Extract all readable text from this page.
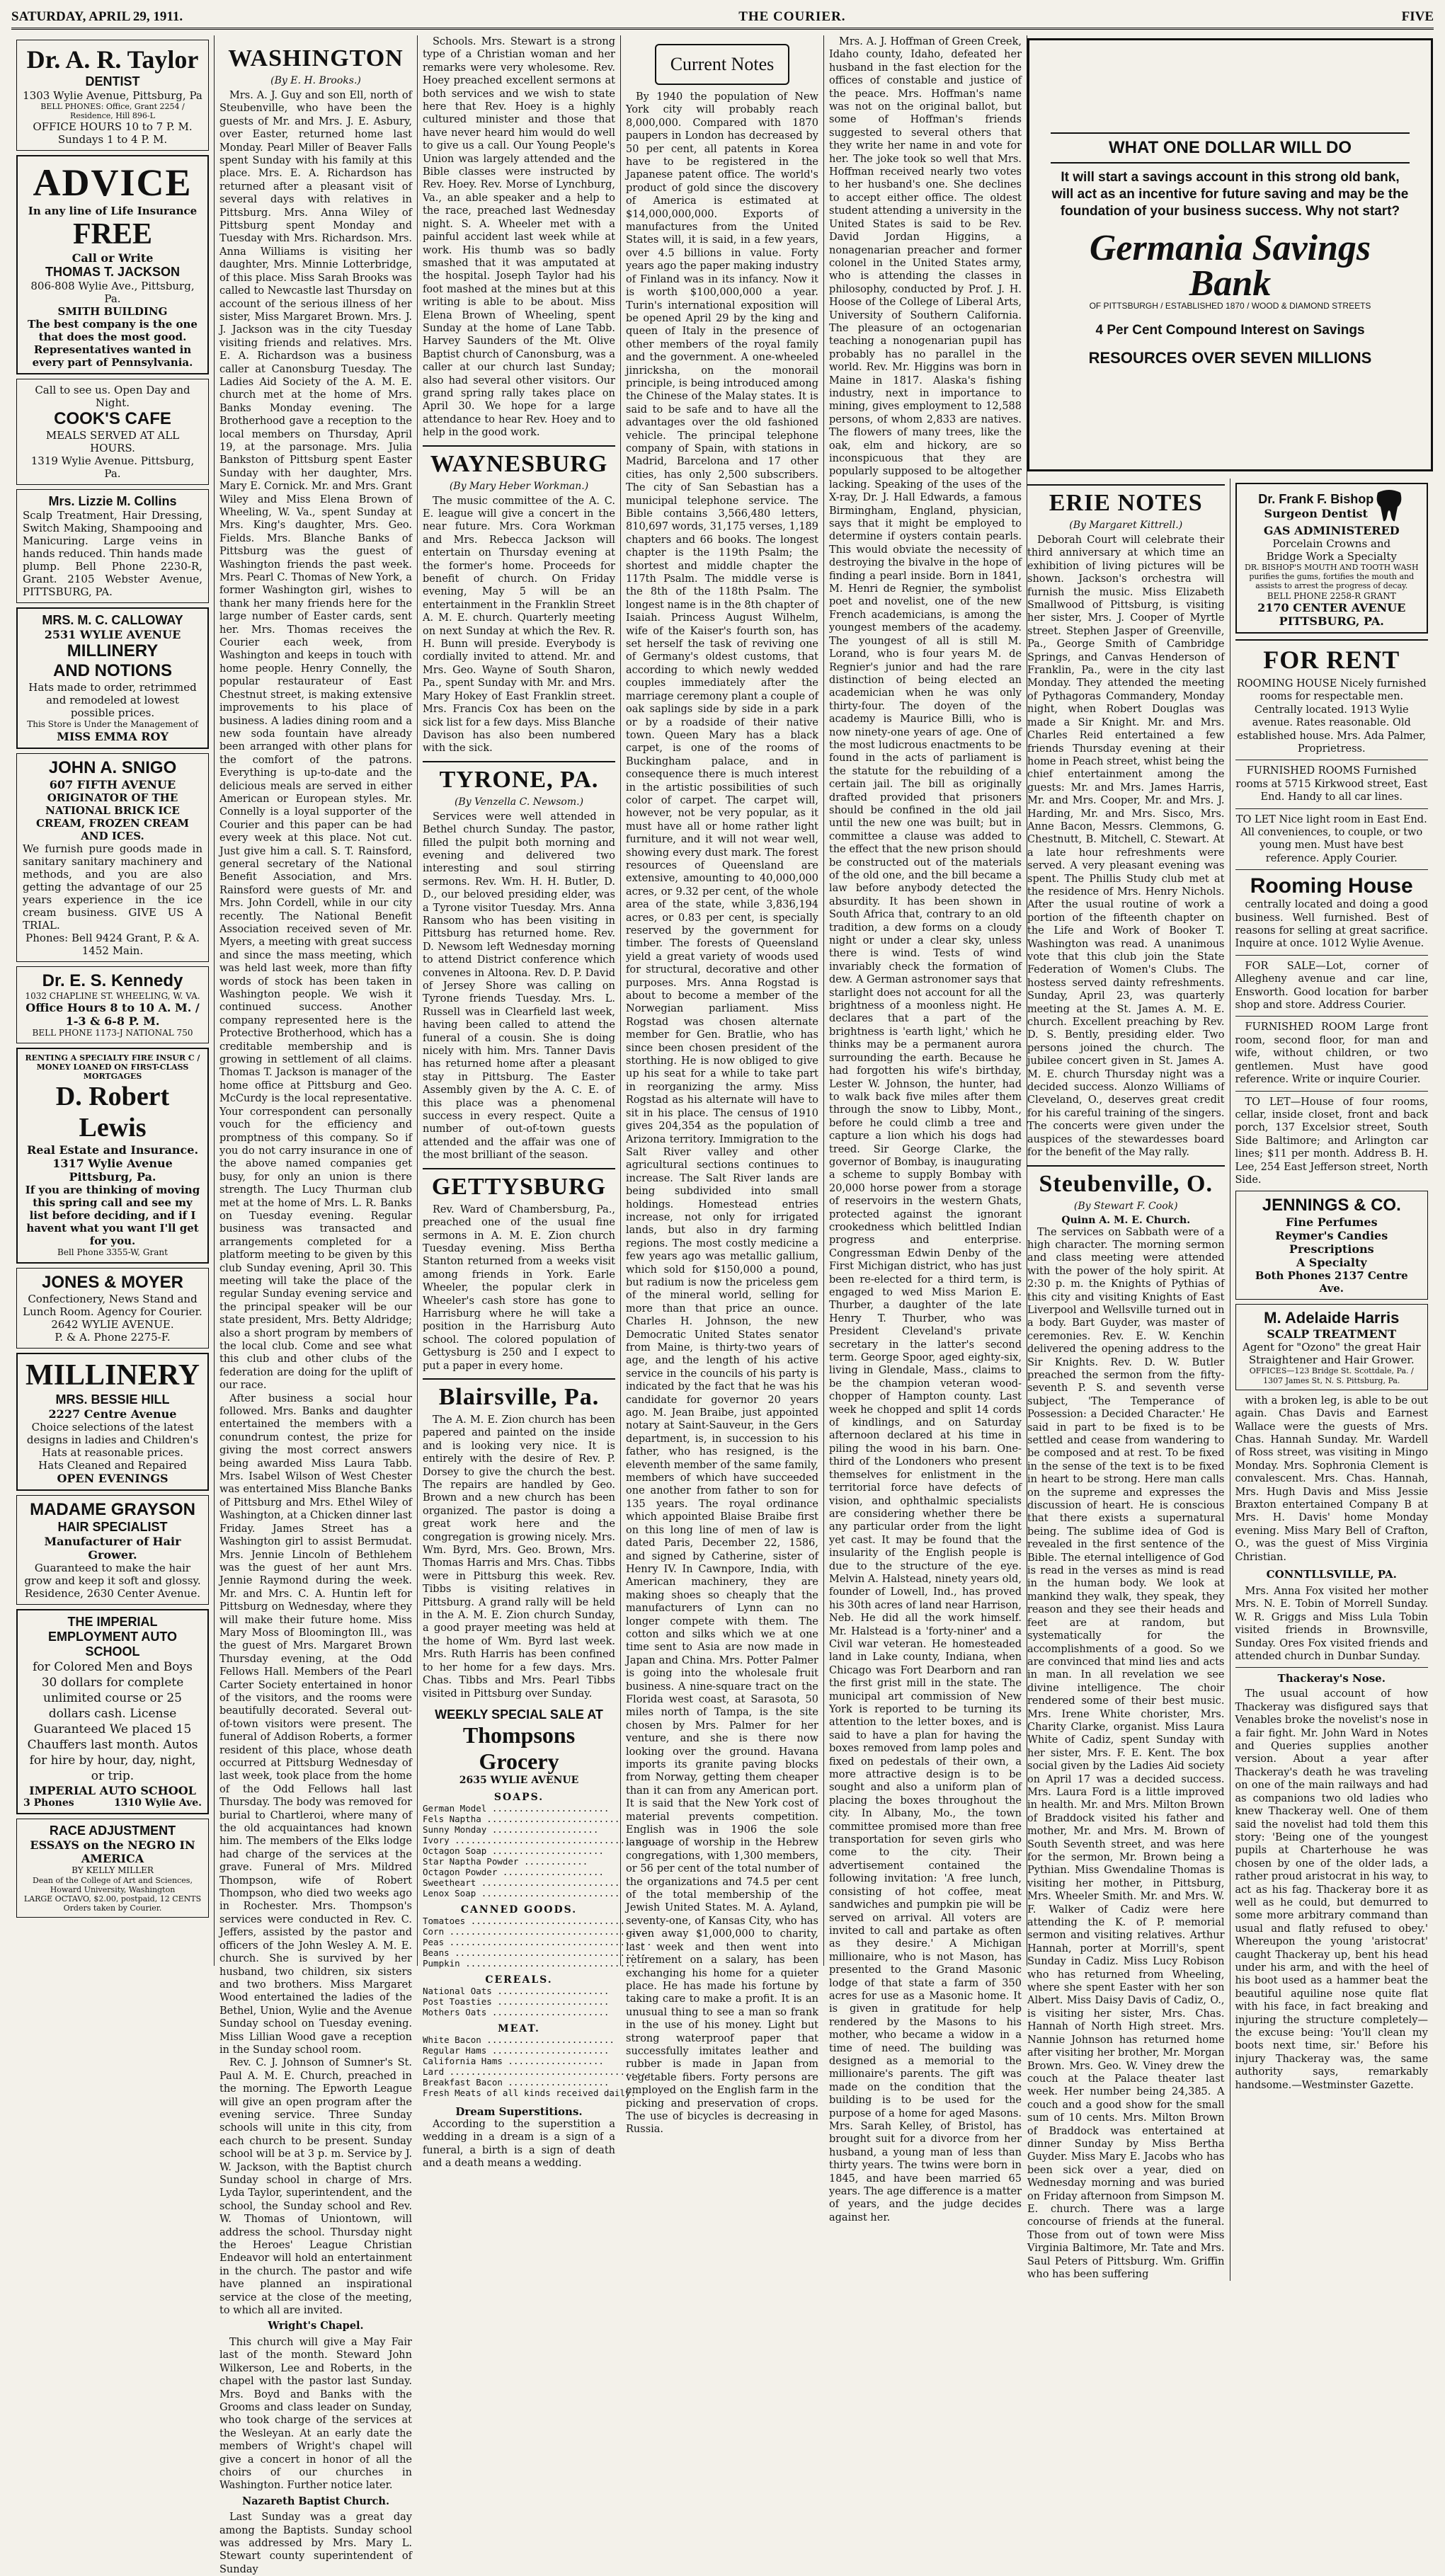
SATURDAY, APRIL 29, 1911.	THE COURIER.	FIVE
Dr. A. R. Taylor
DENTIST
1303 Wylie Avenue, Pittsburg, Pa
BELL PHONES: Office, Grant 2254 / Residence, Hill 896-L
OFFICE HOURS 10 to 7 P. M.
Sundays 1 to 4 P. M.
ADVICE
In any line of Life Insurance
FREE
Call or Write
THOMAS T. JACKSON
806-808 Wylie Ave., Pittsburg, Pa.
SMITH BUILDING
The best company is the one that does the most good. Representatives wanted in every part of Pennsylvania.
Call to see us. Open Day and Night.
COOK'S CAFE
MEALS SERVED AT ALL HOURS.
1319 Wylie Avenue. Pittsburg, Pa.
Mrs. Lizzie M. Collins
Scalp Treatment, Hair Dressing, Switch Making, Shampooing and Manicuring. Large veins in hands reduced. Thin hands made plump. Bell Phone 2230-R, Grant. 2105 Webster Avenue, PITTSBURG, PA.
MRS. M. C. CALLOWAY
2531 WYLIE AVENUE
MILLINERY
AND NOTIONS
Hats made to order, retrimmed and remodeled at lowest possible prices.
This Store is Under the Management of
MISS EMMA ROY
JOHN A. SNIGO
607 FIFTH AVENUE
ORIGINATOR OF THE NATIONAL BRICK ICE CREAM, FROZEN CREAM AND ICES.
We furnish pure goods made in sanitary sanitary machinery and methods, and you are also getting the advantage of our 25 years experience in the ice cream business. GIVE US A TRIAL.
Phones: Bell 9424 Grant, P. & A. 1452 Main.
Dr. E. S. Kennedy
1032 CHAPLINE ST. WHEELING, W. VA.
Office Hours 8 to 10 A. M. / 1-3 & 6-8 P. M.
BELL PHONE 1173-J NATIONAL 750
RENTING A SPECIALTY FIRE INSUR C / MONEY LOANED ON FIRST-CLASS MORTGAGES
D. Robert Lewis
Real Estate and Insurance.
1317 Wylie Avenue Pittsburg, Pa.
If you are thinking of moving this spring call and see my list before deciding, and if I havent what you want I'll get for you.
Bell Phone 3355-W, Grant
JONES & MOYER
Confectionery, News Stand and Lunch Room. Agency for Courier.
2642 WYLIE AVENUE.
P. & A. Phone 2275-F.
MILLINERY
MRS. BESSIE HILL
2227 Centre Avenue
Choice selections of the latest designs in ladies and Children's Hats at reasonable prices.
Hats Cleaned and Repaired
OPEN EVENINGS
MADAME GRAYSON
HAIR SPECIALIST
Manufacturer of Hair Grower.
Guaranteed to make the hair grow and keep it soft and glossy.
Residence, 2630 Center Avenue.
THE IMPERIAL EMPLOYMENT AUTO SCHOOL
for Colored Men and Boys 30 dollars for complete unlimited course or 25 dollars cash. License Guaranteed We placed 15 Chauffers last month. Autos for hire by hour, day, night, or trip.
IMPERIAL AUTO SCHOOL
3 Phones	1310 Wylie Ave.
RACE ADJUSTMENT
ESSAYS on the NEGRO IN AMERICA
BY KELLY MILLER
Dean of the College of Art and Sciences, Howard University, Washington
LARGE OCTAVO, $2.00, postpaid, 12 CENTS
Orders taken by Courier.
WASHINGTON
(By E. H. Brooks.)

Mrs. A. J. Guy and son Ell, north of Steubenville, who have been the guests of Mr. and Mrs. J. E. Asbury, over Easter, returned home last Monday. Pearl Miller of Beaver Falls spent Sunday with his family at this place. Mrs. E. A. Richardson has returned after a pleasant visit of several days with relatives in Pittsburg. Mrs. Anna Wiley of Pittsburg spent Monday and Tuesday with Mrs. Richardson. Mrs. Anna Williams is visiting her daughter, Mrs. Minnie Lotterbridge, of this place. Miss Sarah Brooks was called to Newcastle last Thursday on account of the serious illness of her sister, Miss Margaret Brown. Mrs. J. J. Jackson was in the city Tuesday visiting friends and relatives. Mrs. E. A. Richardson was a business caller at Canonsburg Tuesday. The Ladies Aid Society of the A. M. E. church met at the home of Mrs. Banks Monday evening. The Brotherhood gave a reception to the local members on Thursday, April 19, at the parsonage. Mrs. Julia Bankston of Pittsburg spent Easter Sunday with her daughter, Mrs. Mary E. Cornick. Mr. and Mrs. Grant Wiley and Miss Elena Brown of Wheeling, W. Va., spent Sunday at Mrs. King's daughter, Mrs. Geo. Fields. Mrs. Blanche Banks of Pittsburg was the guest of Washington friends the past week. Mrs. Pearl C. Thomas of New York, a former Washington girl, wishes to thank her many friends here for the large number of Easter cards, sent her. Mrs. Thomas receives the Courier each week, from Washington and keeps in touch with home people. Henry Connelly, the popular restaurateur of East Chestnut street, is making extensive improvements to his place of business. A ladies dining room and a new soda fountain have already been arranged with other plans for the comfort of the patrons. Everything is up-to-date and the delicious meals are served in either American or European styles. Mr. Connelly is a loyal supporter of the Courier and this paper can be had every week at this place. Not cut. Just give him a call. S. T. Rainsford, general secretary of the National Benefit Association, and Mrs. Rainsford were guests of Mr. and Mrs. John Cordell, while in our city recently. The National Benefit Association received seven of Mr. Myers, a meeting with great success and since the mass meeting, which was held last week, more than fifty words of stock has been taken in Washington people. We wish it continued success. Another company represented here is the Protective Brotherhood, which has a creditable membership and is growing in settlement of all claims. Thomas T. Jackson is manager of the home office at Pittsburg and Geo. McCurdy is the local representative. Your correspondent can personally vouch for the efficiency and promptness of this company. So if you do not carry insurance in one of the above named companies get busy, for only an union is there strength. The Lucy Thurman club met at the home of Mrs. L. R. Banks on Tuesday evening. Regular business was transacted and arrangements completed for a platform meeting to be given by this club Sunday evening, April 30. This meeting will take the place of the regular Sunday evening service and the principal speaker will be our state president, Mrs. Betty Aldridge; also a short program by members of the local club. Come and see what this club and other clubs of the federation are doing for the uplift of our race.

After business a social hour followed. Mrs. Banks and daughter entertained the members with a conundrum contest, the prize for giving the most correct answers being awarded Miss Laura Tabb. Mrs. Isabel Wilson of West Chester was entertained Miss Blanche Banks of Pittsburg and Mrs. Ethel Wiley of Washington, at a Chicken dinner last Friday. James Street has a Washington girl to assist Bermudat. Mrs. Jennie Lincoln of Bethlehem was the guest of her aunt Mrs. Jennie Raymond during the week. Mr. and Mrs. C. A. Huntin left for Pittsburg on Wednesday, where they will make their future home. Miss Mary Moss of Bloomington Ill., was the guest of Mrs. Margaret Brown Thursday evening, at the Odd Fellows Hall. Members of the Pearl Carter Society entertained in honor of the visitors, and the rooms were beautifully decorated. Several out-of-town visitors were present. The funeral of Addison Roberts, a former resident of this place, whose death occurred at Pittsburg Wednesday of last week, took place from the home of the Odd Fellows hall last Thursday. The body was removed for burial to Chartleroi, where many of the old acquaintances had known him. The members of the Elks lodge had charge of the services at the grave. Funeral of Mrs. Mildred Thompson, wife of Robert Thompson, who died two weeks ago in Rochester. Mrs. Thompson's services were conducted in Rev. C. Jeffers, assisted by the pastor and officers of the John Wesley A. M. E. church. She is survived by her husband, two children, six sisters and two brothers. Miss Margaret Wood entertained the ladies of the Bethel, Union, Wylie and the Avenue Sunday school on Tuesday evening. Miss Lillian Wood gave a reception in the Sunday school room.

Rev. C. J. Johnson of Sumner's St. Paul A. M. E. Church, preached in the morning. The Epworth League will give an open program after the evening service. Three Sunday schools will unite in this city, from each church to be present. Sunday school will be at 3 p. m. Service by J. W. Jackson, with the Baptist church Sunday school in charge of Mrs. Lyda Taylor, superintendent, and the school, the Sunday school and Rev. W. Thomas of Uniontown, will address the school. Thursday night the Heroes' League Christian Endeavor will hold an entertainment in the church. The pastor and wife have planned an inspirational service at the close of the meeting, to which all are invited.

Wright's Chapel.

This church will give a May Fair last of the month. Steward John Wilkerson, Lee and Roberts, in the chapel with the pastor last Sunday. Mrs. Boyd and Banks with the Grooms and class leader on Sunday, who took charge of the services at the Wesleyan. At an early date the members of Wright's chapel will give a concert in honor of all the choirs of our churches in Washington. Further notice later.

Nazareth Baptist Church.

Last Sunday was a great day among the Baptists. Sunday school was addressed by Mrs. Mary L. Stewart county superintendent of Sunday

Schools. Mrs. Stewart is a strong type of a Christian woman and her remarks were very wholesome. Rev. Hoey preached excellent sermons at both services and we wish to state here that Rev. Hoey is a highly cultured minister and those that have never heard him would do well to give us a call. Our Young People's Union was largely attended and the Bible classes were instructed by Rev. Hoey. Rev. Morse of Lynchburg, Va., an able speaker and a help to the race, preached last Wednesday night. S. A. Wheeler met with a painful accident last week while at work. His thumb was so badly smashed that it was amputated at the hospital. Joseph Taylor had his foot mashed at the mines but at this writing is able to be about. Miss Elena Brown of Wheeling, spent Sunday at the home of Lane Tabb. Harvey Saunders of the Mt. Olive Baptist church of Canonsburg, was a caller at our church last Sunday; also had several other visitors. Our grand spring rally takes place on April 30. We hope for a large attendance to hear Rev. Hoey and to help in the good work.

WAYNESBURG
(By Mary Heber Workman.)

The music committee of the A. C. E. league will give a concert in the near future. Mrs. Cora Workman and Mrs. Rebecca Jackson will entertain on Thursday evening at the former's home. Proceeds for benefit of church. On Friday evening, May 5 will be an entertainment in the Franklin Street A. M. E. church. Quarterly meeting on next Sunday at which the Rev. R. H. Bunn will preside. Everybody is cordially invited to attend. Mr. and Mrs. Geo. Wayne of South Sharon, Pa., spent Sunday with Mr. and Mrs. Mary Hokey of East Franklin street. Mrs. Francis Cox has been on the sick list for a few days. Miss Blanche Davison has also been numbered with the sick.

TYRONE, PA.
(By Venzella C. Newsom.)

Services were well attended in Bethel church Sunday. The pastor, filled the pulpit both morning and evening and delivered two interesting and soul stirring sermons. Rev. Wm. H. H. Butler, D. D., our beloved presiding elder, was a Tyrone visitor Tuesday. Mrs. Anna Ransom who has been visiting in Pittsburg has returned home. Rev. D. Newsom left Wednesday morning to attend District conference which convenes in Altoona. Rev. D. P. David of Jersey Shore was calling on Tyrone friends Tuesday. Mrs. L. Russell was in Clearfield last week, having been called to attend the funeral of a cousin. She is doing nicely with him. Mrs. Tanner Davis has returned home after a pleasant stay in Pittsburg. The Easter Assembly given by the A. C. E. of this place was a phenomenal success in every respect. Quite a number of out-of-town guests attended and the affair was one of the most brilliant of the season.

GETTYSBURG

Rev. Ward of Chambersburg, Pa., preached one of the usual fine sermons in A. M. E. Zion church Tuesday evening. Miss Bertha Stanton returned from a weeks visit among friends in York. Earle Wheeler, the popular clerk in Wheeler's cash store has gone to Harrisburg where he will take a position in the Harrisburg Auto school. The colored population of Gettysburg is 250 and I expect to put a paper in every home.

Blairsville, Pa.

The A. M. E. Zion church has been papered and painted on the inside and is looking very nice. It is entirely with the desire of Rev. P. Dorsey to give the church the best. The repairs are handled by Geo. Brown and a new church has been organized. The pastor is doing a great work here and the congregation is growing nicely. Mrs. Wm. Byrd, Mrs. Geo. Brown, Mrs. Thomas Harris and Mrs. Chas. Tibbs were in Pittsburg this week. Rev. Tibbs is visiting relatives in Pittsburg. A grand rally will be held in the A. M. E. Zion church Sunday, a good prayer meeting was held at the home of Wm. Byrd last week. Mrs. Ruth Harris has been confined to her home for a few days. Mrs. Chas. Tibbs and Mrs. Pearl Tibbs visited in Pittsburg over Sunday.

WEEKLY SPECIAL SALE AT
Thompsons Grocery
2635 WYLIE AVENUE
SOAPS.
German Model ......................
Fels Naptha .........................
Sunny Monday ....................
Ivory ......................................
Octagon Soap .....................
Star Naptha Powder ............
Octagon Powder ...................
Sweetheart ..........................
Lenox Soap ..........................
CANNED GOODS.
Tomatoes .............................
Corn ......................................
Peas ......................................
Beans ....................................
Pumpkin ................................
CEREALS.
National Oats .....................
Post Toasties .....................
Mothers Oats ......................
MEAT.
White Bacon ........................
Regular Hams ......................
California Hams ..................
Lard ......................................
Breakfast Bacon ...................
Fresh Meats of all kinds received daily.
Dream Superstitions.

According to the superstition a wedding in a dream is a sign of a funeral, a birth is a sign of death and a death means a wedding.

Current Notes

By 1940 the population of New York city will probably reach 8,000,000. Compared with 1870 paupers in London has decreased by 50 per cent, all patents in Korea have to be registered in the Japanese patent office. The world's product of gold since the discovery of America is estimated at $14,000,000,000. Exports of manufactures from the United States will, it is said, in a few years, over 4.5 billions in value. Forty years ago the paper making industry of Finland was in its infancy. Now it is worth $100,000,000 a year. Turin's international exposition will be opened April 29 by the king and queen of Italy in the presence of other members of the royal family and the government. A one-wheeled jinricksha, on the monorail principle, is being introduced among the Chinese of the Malay states. It is said to be safe and to have all the advantages over the old fashioned vehicle. The principal telephone company of Spain, with stations in Madrid, Barcelona and 17 other cities, has only 2,500 subscribers. The city of San Sebastian has a municipal telephone service. The Bible contains 3,566,480 letters, 810,697 words, 31,175 verses, 1,189 chapters and 66 books. The longest chapter is the 119th Psalm; the shortest and middle chapter the 117th Psalm. The middle verse is the 8th of the 118th Psalm. The longest name is in the 8th chapter of Isaiah. Princess August Wilhelm, wife of the Kaiser's fourth son, has set herself the task of reviving one of Germany's oldest customs, that according to which newly wedded couples immediately after the marriage ceremony plant a couple of oak saplings side by side in a park or by a roadside of their native town. Queen Mary has a black carpet, is one of the rooms of Buckingham palace, and in consequence there is much interest in the artistic possibilities of such color of carpet. The carpet will, however, not be very popular, as it must have all or home rather light furniture, and it will not wear well, showing every dust mark. The forest resources of Queensland are extensive, amounting to 40,000,000 acres, or 9.32 per cent, of the whole area of the state, while 3,836,194 acres, or 0.83 per cent, is specially reserved by the government for timber. The forests of Queensland yield a great variety of woods used for structural, decorative and other purposes. Mrs. Anna Rogstad is about to become a member of the Norwegian parliament. Miss Rogstad was chosen alternate member for Gen. Bratlie, who has since been chosen president of the storthing. He is now obliged to give up his seat for a while to take part in reorganizing the army. Miss Rogstad as his alternate will have to sit in his place. The census of 1910 gives 204,354 as the population of Arizona territory. Immigration to the Salt River valley and other agricultural sections continues to increase. The Salt River lands are being subdivided into small holdings. Homestead entries increase, not only for irrigated lands, but also in dry farming regions. The most costly medicine a few years ago was metallic gallium, which sold for $150,000 a pound, but radium is now the priceless gem of the mineral world, selling for more than that price an ounce. Charles H. Johnson, the new Democratic United States senator from Maine, is thirty-two years of age, and the length of his active service in the councils of his party is indicated by the fact that he was his candidate for governor 20 years ago. M. Jean Braibe, just appointed notary at Saint-Sauveur, in the Gers department, is, in succession to his father, who has resigned, is the eleventh member of the same family, members of which have succeeded one another from father to son for 135 years. The royal ordinance which appointed Blaise Braibe first on this long line of men of law is dated Paris, December 22, 1586, and signed by Catherine, sister of Henry IV. In Cawnpore, India, with American machinery, they are making shoes so cheaply that the manufacturers of Lynn can no longer compete with them. The cotton and silks which we at one time sent to Asia are now made in Japan and China. Mrs. Potter Palmer is going into the wholesale fruit business. A nine-square tract on the Florida west coast, at Sarasota, 50 miles north of Tampa, is the site chosen by Mrs. Palmer for her venture, and she is there now looking over the ground. Havana imports its granite paving blocks from Norway, getting them cheaper than it can from any American port. It is said that the New York cost of material prevents competition. English was in 1906 the sole language of worship in the Hebrew congregations, with 1,300 members, or 56 per cent of the total number of the organizations and 74.5 per cent of the total membership of the Jewish United States. M. A. Ayland, seventy-one, of Kansas City, who has given away $1,000,000 to charity, last week and then went into retirement on a salary, has been exchanging his home for a quieter place. He has made his fortune by taking care to make a profit. It is an unusual thing to see a man so frank in the use of his money. Light but strong waterproof paper that successfully imitates leather and rubber is made in Japan from vegetable fibers. Forty persons are employed on the English farm in the picking and preservation of crops. The use of bicycles is decreasing in Russia.

Mrs. A. J. Hoffman of Green Creek, Idaho county, Idaho, defeated her husband in the fast election for the offices of constable and justice of the peace. Mrs. Hoffman's name was not on the original ballot, but some of Hoffman's friends suggested to several others that they write her name in and vote for her. The joke took so well that Mrs. Hoffman received nearly two votes to her husband's one. She declines to accept either office. The oldest student attending a university in the United States is said to be Rev. David Jordan Higgins, a nonagenarian preacher and former colonel in the United States army, who is attending the classes in philosophy, conducted by Prof. J. H. Hoose of the College of Liberal Arts, University of Southern California. The pleasure of an octogenarian teaching a nonogenarian pupil has probably has no parallel in the world. Rev. Mr. Higgins was born in Maine in 1817. Alaska's fishing industry, next in importance to mining, gives employment to 12,588 persons, of whom 2,833 are natives. The flowers of many trees, like the oak, elm and hickory, are so inconspicuous that they are popularly supposed to be altogether lacking. Speaking of the uses of the X-ray, Dr. J. Hall Edwards, a famous Birmingham, England, physician, says that it might be employed to determine if oysters contain pearls. This would obviate the necessity of destroying the bivalve in the hope of finding a pearl inside. Born in 1841, M. Henri de Regnier, the symbolist poet and novelist, one of the new French academicians, is among the youngest members of the academy. The youngest of all is still M. Lorand, who is four years M. de Regnier's junior and had the rare distinction of being elected an academician when he was only thirty-four. The doyen of the academy is Maurice Billi, who is now ninety-one years of age. One of the most ludicrous enactments to be found in the acts of parliament is the statute for the rebuilding of a certain jail. The bill as originally drafted provided that prisoners should be confined in the old jail until the new one was built; but in committee a clause was added to the effect that the new prison should be constructed out of the materials of the old one, and the bill became a law before anybody detected the absurdity. It has been shown in South Africa that, contrary to an old tradition, a dew forms on a cloudy night or under a clear sky, unless there is wind. Tests of wind invariably check the formation of dew. A German astronomer says that starlight does not account for all the brightness of a moonless night. He declares that a part of the brightness is 'earth light,' which he thinks may be a permanent aurora surrounding the earth. Because he had forgotten his wife's birthday, Lester W. Johnson, the hunter, had to walk back five miles after them through the snow to Libby, Mont., before he could climb a tree and capture a lion which his dogs had treed. Sir George Clarke, the governor of Bombay, is inaugurating a scheme to supply Bombay with 20,000 horse power from a storage of reservoirs in the western Ghats, protected against the ignorant crookedness which belittled Indian progress and enterprise. Congressman Edwin Denby of the First Michigan district, who has just been re-elected for a third term, is engaged to wed Miss Marion E. Thurber, a daughter of the late Henry T. Thurber, who was President Cleveland's private secretary in the latter's second term. George Spoor, aged eighty-six, living in Glendale, Mass., claims to be the champion veteran wood-chopper of Hampton county. Last week he chopped and split 14 cords of kindlings, and on Saturday afternoon declared at his time in piling the wood in his barn. One-third of the Londoners who present themselves for enlistment in the territorial force have defects of vision, and ophthalmic specialists are considering whether there be any particular order from the light yet cast. It may be found that the insularity of the English people is due to the structure of the eye. Melvin A. Halstead, ninety years old, founder of Lowell, Ind., has proved his 30th acres of land near Harrison, Neb. He did all the work himself. Mr. Halstead is a 'forty-niner' and a Civil war veteran. He homesteaded land in Lake county, Indiana, when Chicago was Fort Dearborn and ran the first grist mill in the state. The municipal art commission of New York is reported to be turning its attention to the letter boxes, and is said to have a plan for having the boxes removed from lamp poles and fixed on pedestals of their own, a more attractive design is to be sought and also a uniform plan of placing the boxes throughout the city. In Albany, Mo., the town committee promised more than free transportation for seven girls who come to the city. Their advertisement contained the following invitation: 'A free lunch, consisting of hot coffee, meat sandwiches and pumpkin pie will be served on arrival. All voters are invited to call and partake as often as they desire.' A Michigan millionaire, who is not Mason, has presented to the Grand Masonic lodge of that state a farm of 350 acres for use as a Masonic home. It is given in gratitude for help rendered by the Masons to his mother, who became a widow in a time of need. The building was designed as a memorial to the millionaire's parents. The gift was made on the condition that the building is to be used for the purpose of a home for aged Masons. Mrs. Sarah Kelley, of Bristol, has brought suit for a divorce from her husband, a young man of less than thirty years. The twins were born in 1845, and have been married 65 years. The age difference is a matter of years, and the judge decides against her.

WHAT ONE DOLLAR WILL DO
It will start a savings account in this strong old bank, will act as an incentive for future saving and may be the foundation of your business success. Why not start?
Germania Savings Bank
OF PITTSBURGH / ESTABLISHED 1870 / WOOD & DIAMOND STREETS
4 Per Cent Compound Interest on Savings
RESOURCES OVER SEVEN MILLIONS
ERIE NOTES
(By Margaret Kittrell.)

Deborah Court will celebrate their third anniversary at which time an exhibition of living pictures will be shown. Jackson's orchestra will furnish the music. Miss Elizabeth Smallwood of Pittsburg, is visiting her sister, Mrs. J. Cooper of Myrtle street. Stephen Jasper of Greenville, Pa., George Smith of Cambridge Springs, and Canvas Henderson of Franklin, Pa., were in the city last Monday. They attended the meeting of Pythagoras Commandery, Monday night, when Robert Douglas was made a Sir Knight. Mr. and Mrs. Charles Reid entertained a few friends Thursday evening at their home in Peach street, whist being the chief entertainment among the guests: Mr. and Mrs. James Harris, Mr. and Mrs. Cooper, Mr. and Mrs. J. Harding, Mr. and Mrs. Sisco, Mrs. Anne Bacon, Messrs. Clemmons, G. Chestnutt, B. Mitchell, C. Stewart. At a late hour refreshments were served. A very pleasant evening was spent. The Phillis Study club met at the residence of Mrs. Henry Nichols. After the usual routine of work a portion of the fifteenth chapter on the Life and Work of Booker T. Washington was read. A unanimous vote that this club join the State Federation of Women's Clubs. The hostess served dainty refreshments. Sunday, April 23, was quarterly meeting at the St. James A. M. E. church. Excellent preaching by Rev. D. S. Bently, presiding elder. Two persons joined the church. The jubilee concert given in St. James A. M. E. church Thursday night was a decided success. Alonzo Williams of Cleveland, O., deserves great credit for his careful training of the singers. The concerts were given under the auspices of the stewardesses board for the benefit of the May rally.

Steubenville, O.
(By Stewart F. Cook)
Quinn A. M. E. Church.

The services on Sabbath were of a high character. The morning sermon and class meeting were attended with the power of the holy spirit. At 2:30 p. m. the Knights of Pythias of this city and visiting Knights of East Liverpool and Wellsville turned out in a body. Bart Guyder, was master of ceremonies. Rev. E. W. Kenchin delivered the opening address to the Sir Knights. Rev. D. W. Butler preached the sermon from the fifty-seventh P. S. and seventh verse subject, 'The Temperance of Possession: a Decided Character.' He said in part to be fixed is to be settled and cease from wandering to be composed and at rest. To be fixed in the sense of the text is to be fixed in heart to be strong. Here man calls on the supreme and expresses the discussion of heart. He is conscious that there exists a supernatural being. The sublime idea of God is revealed in the first sentence of the Bible. The eternal intelligence of God is read in the verses as mind is read in the human body. We look at mankind they walk, they speak, they reason and they see their heads and feet are at random, but systematically for the accomplishments of a good. So we are convinced that mind lies and acts in man. In all revelation we see divine intelligence. The choir rendered some of their best music. Mrs. Irene White chorister, Mrs. Charity Clarke, organist. Miss Laura White of Cadiz, spent Sunday with her sister, Mrs. F. E. Kent. The box social given by the Ladies Aid society on April 17 was a decided success. Mrs. Laura Ford is a little improved in health. Mr. and Mrs. Milton Brown of Braddock visited his father and mother, Mr. and Mrs. M. Brown of South Seventh street, and was here for the sermon, Mr. Brown being a Pythian. Miss Gwendaline Thomas is visiting her mother, in Pittsburg, Mrs. Wheeler Smith. Mr. and Mrs. W. F. Walker of Cadiz were here attending the K. of P. memorial sermon and visiting relatives. Arthur Hannah, porter at Morrill's, spent Sunday in Cadiz. Miss Lucy Robison who has returned from Wheeling, where she spent Easter with her son Albert. Miss Daisy Davis of Cadiz, O., is visiting her sister, Mrs. Chas. Hannah of North High street. Mrs. Nannie Johnson has returned home after visiting her brother, Mr. Morgan Brown. Mrs. Geo. W. Viney drew the couch at the Palace theater last week. Her number being 24,385. A couch and a good show for the small sum of 10 cents. Mrs. Milton Brown of Braddock was entertained at dinner Sunday by Miss Bertha Guyder. Miss Mary E. Jacobs who has been sick over a year, died on Wednesday morning and was buried on Friday afternoon from Simpson M. E. church. There was a large concourse of friends at the funeral. Those from out of town were Miss Virginia Baltimore, Mr. Tate and Mrs. Saul Peters of Pittsburg. Wm. Griffin who has been suffering

Dr. Frank F. Bishop
Surgeon Dentist
GAS ADMINISTERED
Porcelain Crowns and
Bridge Work a Specialty
DR. BISHOP'S MOUTH AND TOOTH WASH purifies the gums, fortifies the mouth and assists to arrest the progress of decay.
BELL PHONE 2258-R GRANT
2170 CENTER AVENUE
PITTSBURG, PA.
FOR RENT

ROOMING HOUSE Nicely furnished rooms for respectable men. Centrally located. 1913 Wylie avenue. Rates reasonable. Old established house. Mrs. Ada Palmer, Proprietress.

FURNISHED ROOMS Furnished rooms at 5715 Kirkwood street, East End. Handy to all car lines.

TO LET Nice light room in East End. All conveniences, to couple, or two young men. Must have best reference. Apply Courier.

Rooming House

centrally located and doing a good business. Well furnished. Best of reasons for selling at great sacrifice. Inquire at once. 1012 Wylie Avenue.

FOR SALE—Lot, corner of Allegheny avenue and car line, Ensworth. Good location for barber shop and store. Address Courier.

FURNISHED ROOM Large front room, second floor, for man and wife, without children, or two gentlemen. Must have good reference. Write or inquire Courier.

TO LET—House of four rooms, cellar, inside closet, front and back porch, 137 Excelsior street, South Side Baltimore; and Arlington car lines; $11 per month. Address B. H. Lee, 254 East Jefferson street, North Side.

JENNINGS & CO.
Fine Perfumes
Reymer's Candies
Prescriptions
A Specialty
Both Phones 2137 Centre Ave.
M. Adelaide Harris
SCALP TREATMENT
Agent for "Ozono" the great Hair Straightener and Hair Grower.
OFFICES—123 Bridge St. Scottdale, Pa. / 1307 James St, N. S. Pittsburg, Pa.

with a broken leg, is able to be out again. Chas Davis and Earnest Wallace were the guests of Mrs. Chas. Hannah Sunday. Mr. Wardell of Ross street, was visiting in Mingo Monday. Mrs. Sophronia Clement is convalescent. Mrs. Chas. Hannah, Mrs. Hugh Davis and Miss Jessie Braxton entertained Company B at Mrs. H. Davis' home Monday evening. Miss Mary Bell of Crafton, O., was the guest of Miss Virginia Christian.

CONNTLLSVILLE, PA.

Mrs. Anna Fox visited her mother Mrs. N. E. Tobin of Morrell Sunday. W. R. Griggs and Miss Lula Tobin visited friends in Brownsville, Sunday. Ores Fox visited friends and attended church in Dunbar Sunday.

Thackeray's Nose.

The usual account of how Thackeray was disfigured says that Venables broke the novelist's nose in a fair fight. Mr. John Ward in Notes and Queries supplies another version. About a year after Thackeray's death he was traveling on one of the main railways and had as companions two old ladies who knew Thackeray well. One of them said the novelist had told them this story: 'Being one of the youngest pupils at Charterhouse he was chosen by one of the older lads, a rather proud aristocrat in his way, to act as his fag. Thackeray bore it as well as he could, but demurred to some more arbitrary command than usual and flatly refused to obey.' Whereupon the young 'aristocrat' caught Thackeray up, bent his head under his arm, and with the heel of his boot used as a hammer beat the beautiful aquiline nose quite flat with his face, in fact breaking and injuring the structure completely—the excuse being: 'You'll clean my boots next time, sir.' Before his injury Thackeray was, the same authority says, remarkably handsome.—Westminster Gazette.
